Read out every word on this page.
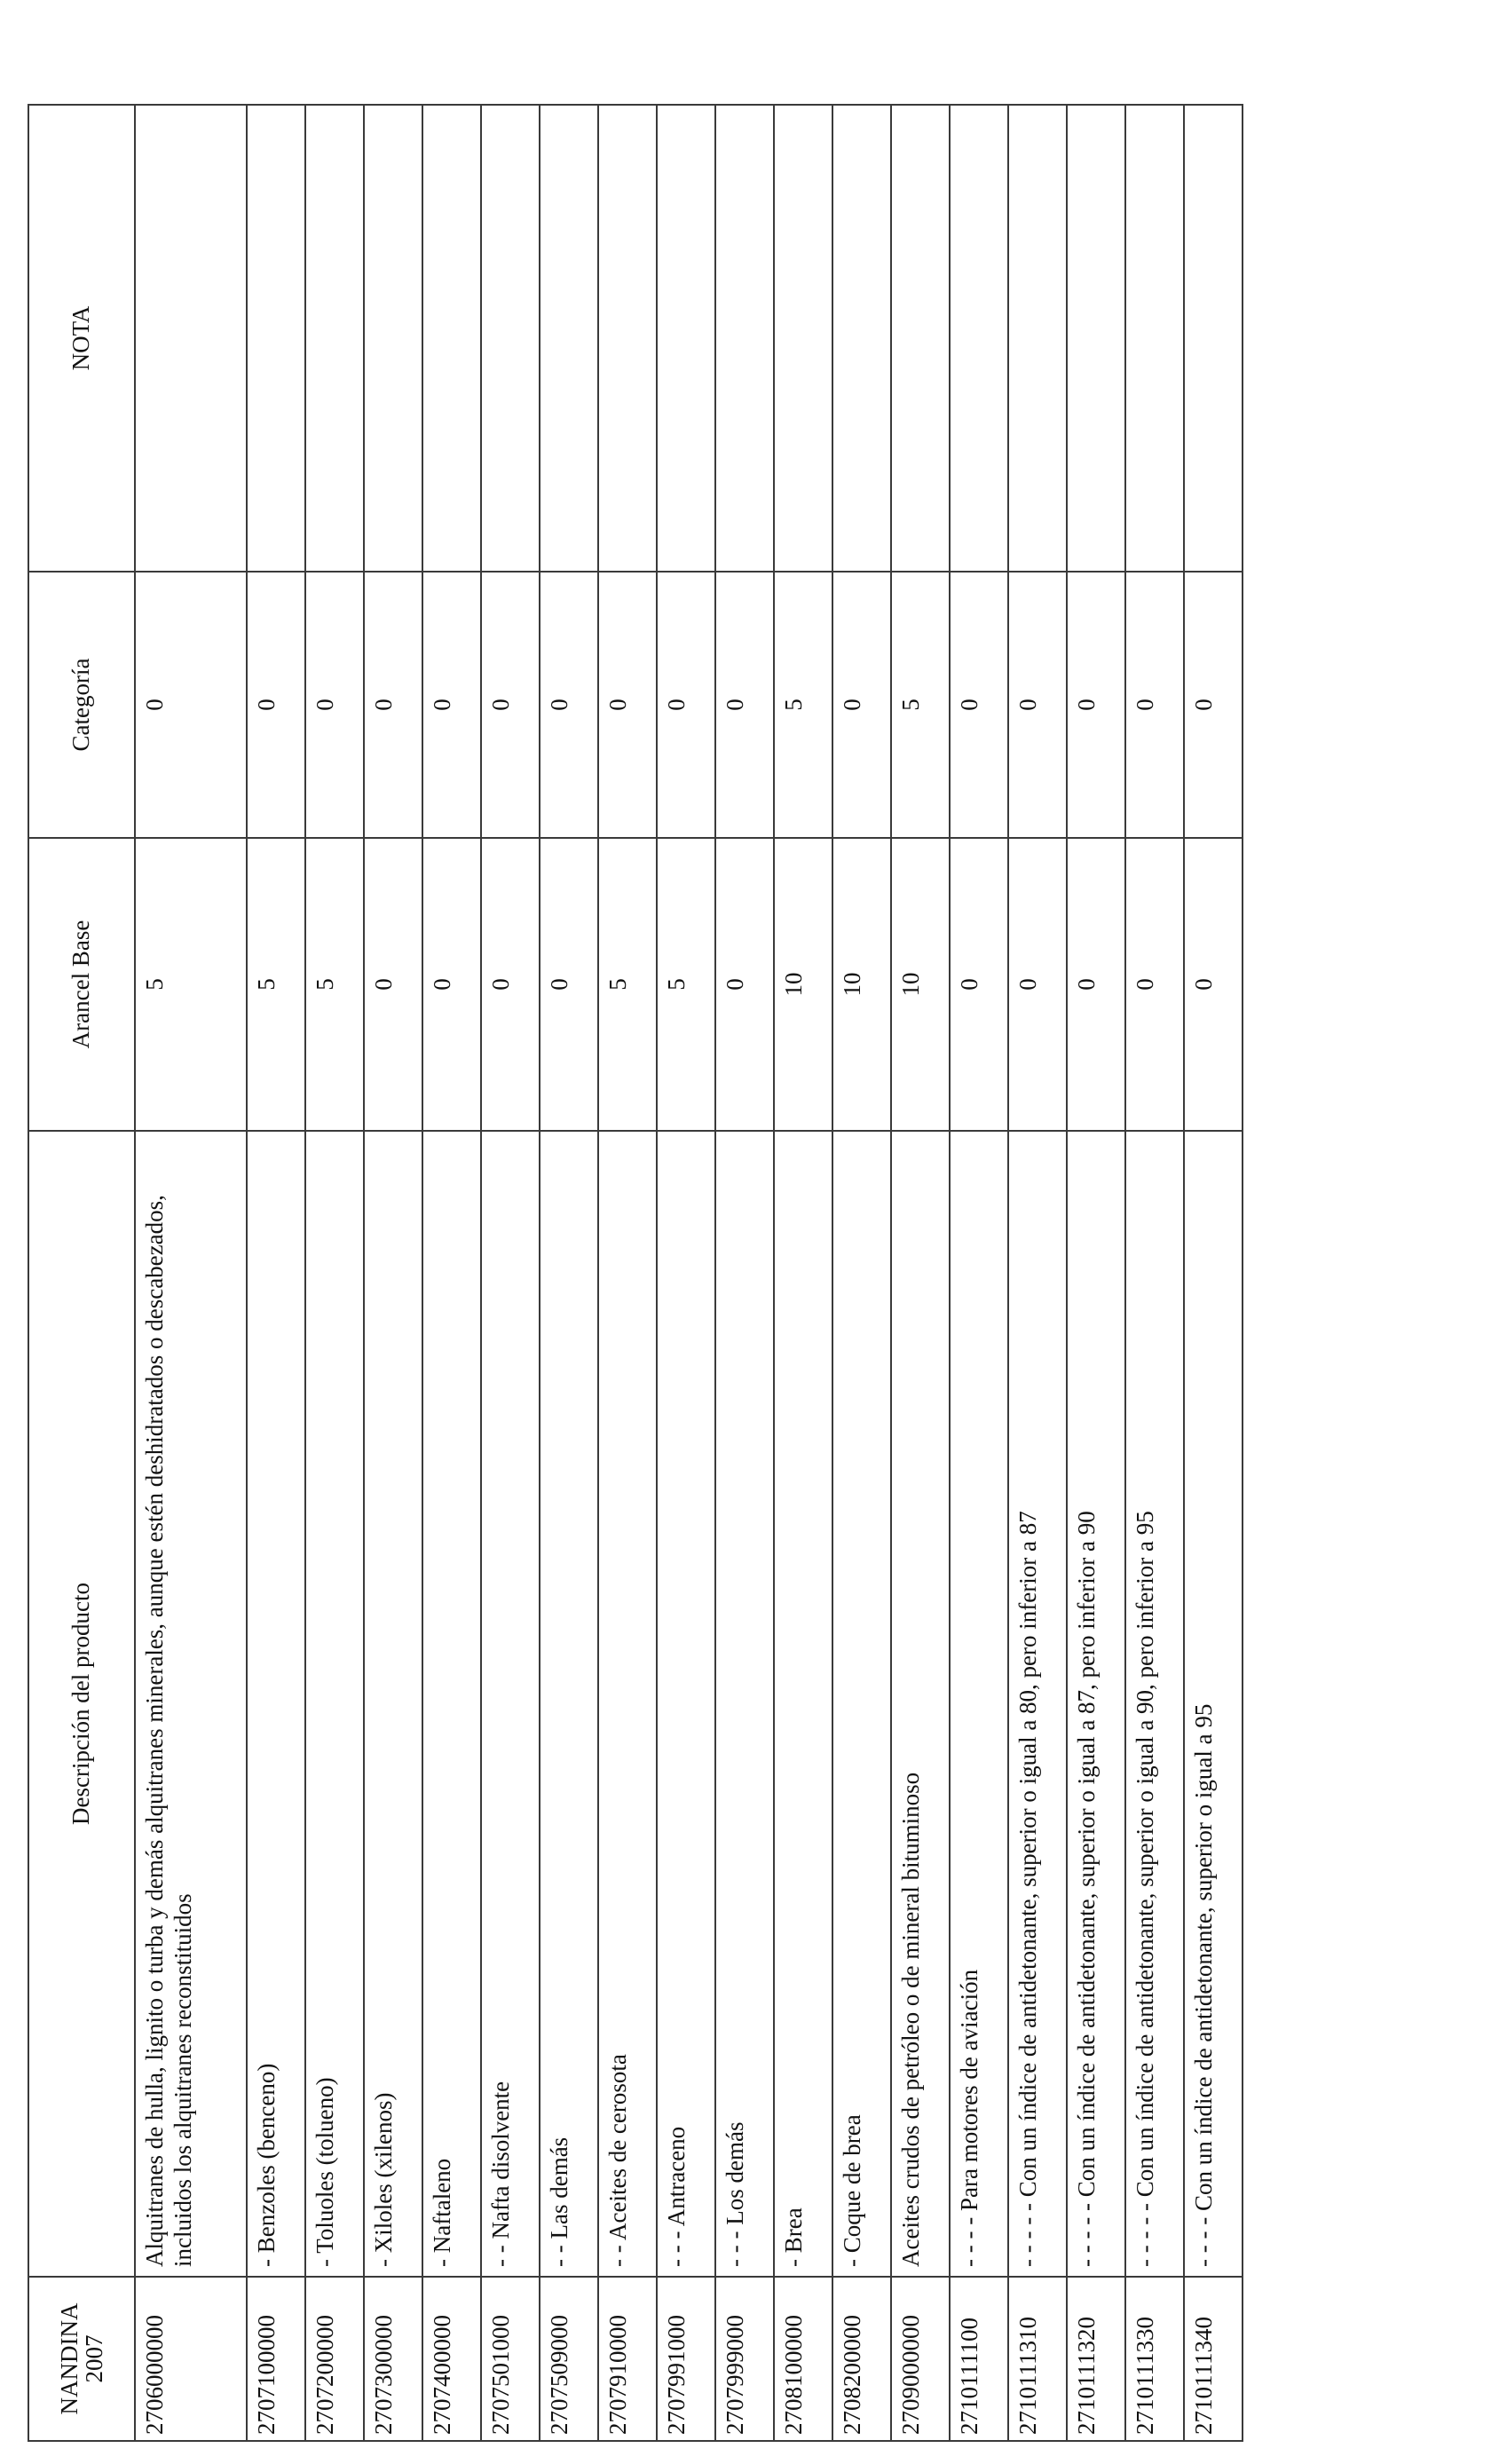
NANDINA
2007	Descripción del producto	Arancel Base	Categoría	NOTA
2706000000	Alquitranes de hulla, lignito o turba y demás alquitranes minerales, aunque estén deshidratados o descabezados, incluidos los alquitranes reconstituidos	5	0	
2707100000	- Benzoles (benceno)	5	0	
2707200000	- Toluoles (tolueno)	5	0	
2707300000	- Xiloles (xilenos)	0	0	
2707400000	- Naftaleno	0	0	
2707501000	- - Nafta disolvente	0	0	
2707509000	- - Las demás	0	0	
2707910000	- - Aceites de cerosota	5	0	
2707991000	- - - Antraceno	5	0	
2707999000	- - - Los demás	0	0	
2708100000	- Brea	10	5	
2708200000	- Coque de brea	10	0	
2709000000	Aceites crudos de petróleo o de mineral bituminoso	10	5	
2710111100	- - - - Para motores de aviación	0	0	
2710111310	- - - - - Con un índice de antidetonante, superior o igual a 80, pero inferior a 87	0	0	
2710111320	- - - - - Con un índice de antidetonante, superior o igual a 87, pero inferior a 90	0	0	
2710111330	- - - - - Con un índice de antidetonante, superior o igual a 90, pero inferior a 95	0	0	
2710111340	- - - - Con un índice de antidetonante, superior o igual a 95	0	0	
